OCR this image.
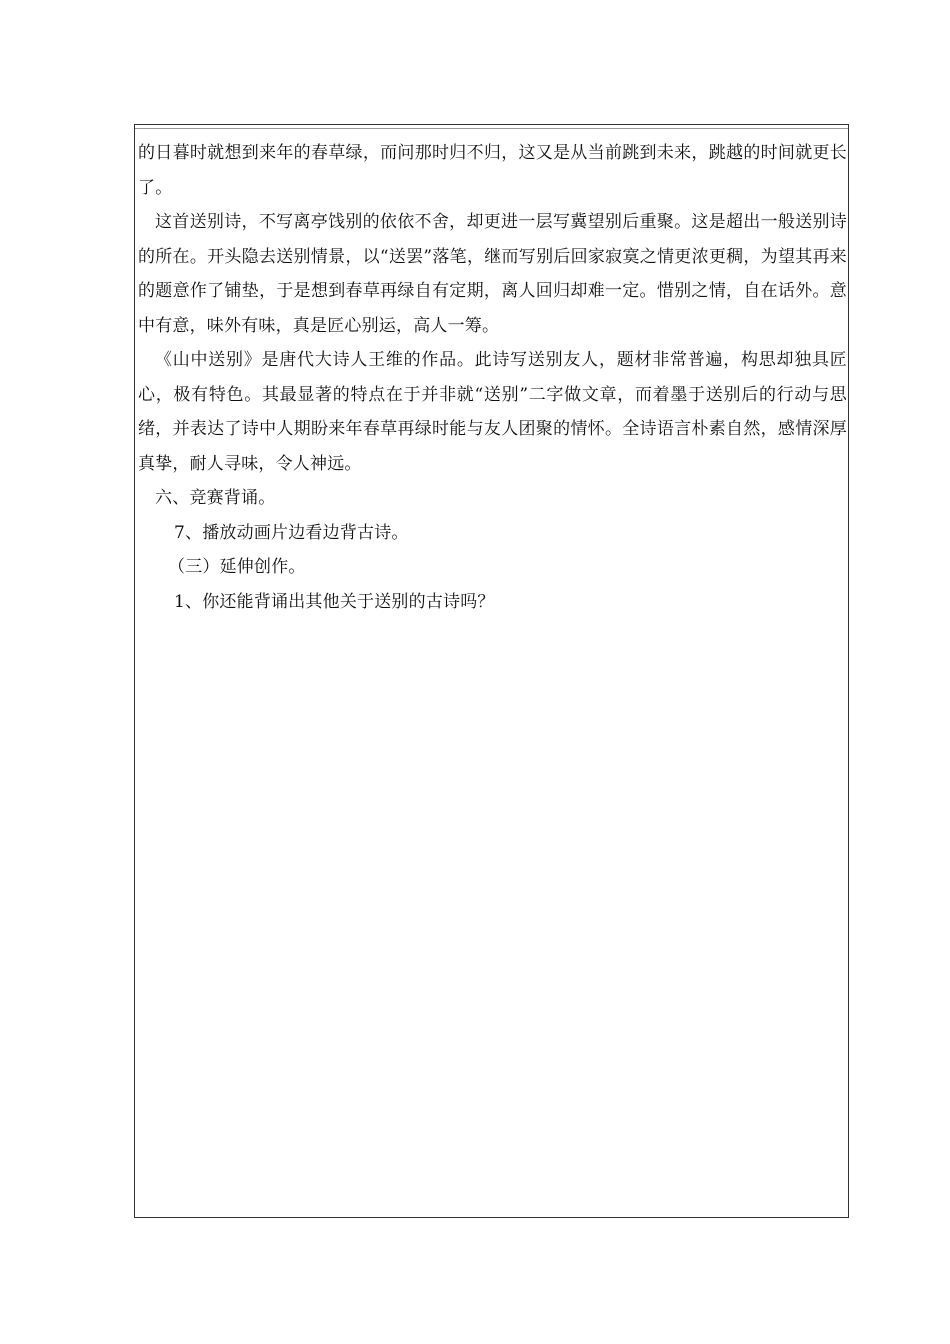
的日暮时就想到来年的春草绿，而问那时归不归，这又是从当前跳到未来，跳越的时间就更长了。

这首送别诗，不写离亭饯别的依依不舍，却更进一层写冀望别后重聚。这是超出一般送别诗的所在。开头隐去送别情景，以“送罢”落笔，继而写别后回家寂寞之情更浓更稠，为望其再来的题意作了铺垫，于是想到春草再绿自有定期，离人回归却难一定。惜别之情，自在话外。意中有意，味外有味，真是匠心别运，高人一筹。

《山中送别》是唐代大诗人王维的作品。此诗写送别友人，题材非常普遍，构思却独具匠心，极有特色。其最显著的特点在于并非就“送别”二字做文章，而着墨于送别后的行动与思绪，并表达了诗中人期盼来年春草再绿时能与友人团聚的情怀。全诗语言朴素自然，感情深厚真挚，耐人寻味，令人神远。

六、竞赛背诵。

7、播放动画片边看边背古诗。

（三）延伸创作。

1、你还能背诵出其他关于送别的古诗吗？
